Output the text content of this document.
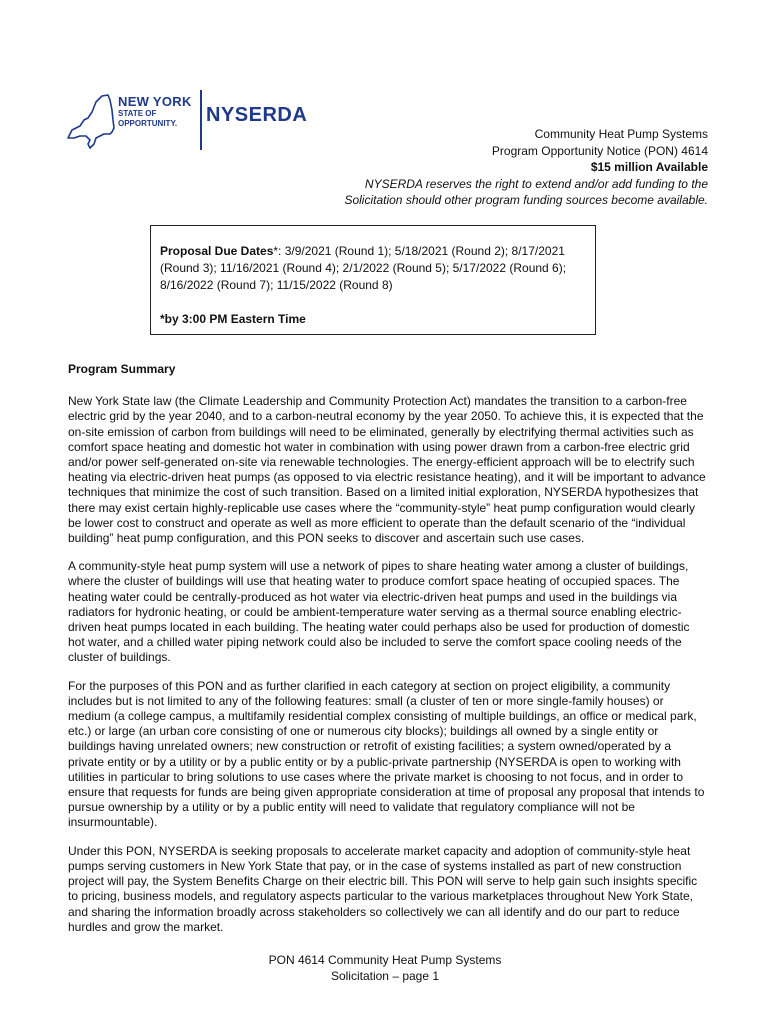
NEW YORK
STATE OF
OPPORTUNITY.	NYSERDA
Community Heat Pump Systems
Program Opportunity Notice (PON) 4614
$15 million Available
NYSERDA reserves the right to extend and/or add funding to the
Solicitation should other program funding sources become available.
Proposal Due Dates*: 3/9/2021 (Round 1); 5/18/2021 (Round 2); 8/17/2021
(Round 3); 11/16/2021 (Round 4); 2/1/2022 (Round 5); 5/17/2022 (Round 6);
8/16/2022 (Round 7); 11/15/2022 (Round 8)
*by 3:00 PM Eastern Time
Program Summary

New York State law (the Climate Leadership and Community Protection Act) mandates the transition to a carbon-free electric grid by the year 2040, and to a carbon-neutral economy by the year 2050. To achieve this, it is expected that the on-site emission of carbon from buildings will need to be eliminated, generally by electrifying thermal activities such as comfort space heating and domestic hot water in combination with using power drawn from a carbon-free electric grid and/or power self-generated on-site via renewable technologies. The energy-efficient approach will be to electrify such heating via electric-driven heat pumps (as opposed to via electric resistance heating), and it will be important to advance techniques that minimize the cost of such transition. Based on a limited initial exploration, NYSERDA hypothesizes that there may exist certain highly-replicable use cases where the “community-style” heat pump configuration would clearly be lower cost to construct and operate as well as more efficient to operate than the default scenario of the “individual building” heat pump configuration, and this PON seeks to discover and ascertain such use cases.

A community-style heat pump system will use a network of pipes to share heating water among a cluster of buildings, where the cluster of buildings will use that heating water to produce comfort space heating of occupied spaces. The heating water could be centrally-produced as hot water via electric-driven heat pumps and used in the buildings via radiators for hydronic heating, or could be ambient-temperature water serving as a thermal source enabling electric-driven heat pumps located in each building. The heating water could perhaps also be used for production of domestic hot water, and a chilled water piping network could also be included to serve the comfort space cooling needs of the cluster of buildings.

For the purposes of this PON and as further clarified in each category at section on project eligibility, a community includes but is not limited to any of the following features: small (a cluster of ten or more single-family houses) or medium (a college campus, a multifamily residential complex consisting of multiple buildings, an office or medical park, etc.) or large (an urban core consisting of one or numerous city blocks); buildings all owned by a single entity or buildings having unrelated owners; new construction or retrofit of existing facilities; a system owned/operated by a private entity or by a utility or by a public entity or by a public-private partnership (NYSERDA is open to working with utilities in particular to bring solutions to use cases where the private market is choosing to not focus, and in order to ensure that requests for funds are being given appropriate consideration at time of proposal any proposal that intends to pursue ownership by a utility or by a public entity will need to validate that regulatory compliance will not be insurmountable).

Under this PON, NYSERDA is seeking proposals to accelerate market capacity and adoption of community-style heat pumps serving customers in New York State that pay, or in the case of systems installed as part of new construction project will pay, the System Benefits Charge on their electric bill. This PON will serve to help gain such insights specific to pricing, business models, and regulatory aspects particular to the various marketplaces throughout New York State, and sharing the information broadly across stakeholders so collectively we can all identify and do our part to reduce hurdles and grow the market.

PON 4614 Community Heat Pump Systems
Solicitation – page 1
